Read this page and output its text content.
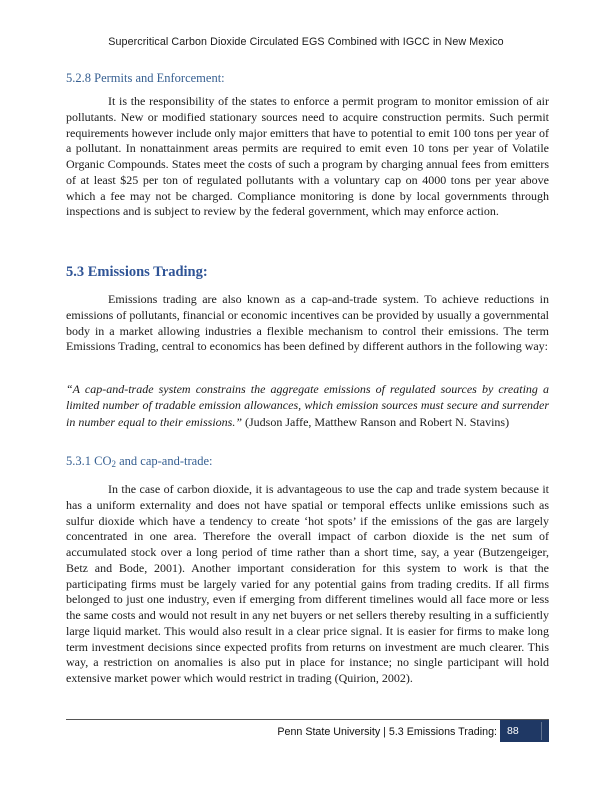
Supercritical Carbon Dioxide Circulated EGS Combined with IGCC in New Mexico
5.2.8 Permits and Enforcement:
It is the responsibility of the states to enforce a permit program to monitor emission of air pollutants. New or modified stationary sources need to acquire construction permits. Such permit requirements however include only major emitters that have to potential to emit 100 tons per year of a pollutant. In nonattainment areas permits are required to emit even 10 tons per year of Volatile Organic Compounds. States meet the costs of such a program by charging annual fees from emitters of at least $25 per ton of regulated pollutants with a voluntary cap on 4000 tons per year above which a fee may not be charged. Compliance monitoring is done by local governments through inspections and is subject to review by the federal government, which may enforce action.
5.3 Emissions Trading:
Emissions trading are also known as a cap-and-trade system. To achieve reductions in emissions of pollutants, financial or economic incentives can be provided by usually a governmental body in a market allowing industries a flexible mechanism to control their emissions. The term Emissions Trading, central to economics has been defined by different authors in the following way:
“A cap-and-trade system constrains the aggregate emissions of regulated sources by creating a limited number of tradable emission allowances, which emission sources must secure and surrender in number equal to their emissions.” (Judson Jaffe, Matthew Ranson and Robert N. Stavins)
5.3.1 $CO_2$ and cap-and-trade:
In the case of carbon dioxide, it is advantageous to use the cap and trade system because it has a uniform externality and does not have spatial or temporal effects unlike emissions such as sulfur dioxide which have a tendency to create ‘hot spots’ if the emissions of the gas are largely concentrated in one area. Therefore the overall impact of carbon dioxide is the net sum of accumulated stock over a long period of time rather than a short time, say, a year (Butzengeiger, Betz and Bode, 2001). Another important consideration for this system to work is that the participating firms must be largely varied for any potential gains from trading credits. If all firms belonged to just one industry, even if emerging from different timelines would all face more or less the same costs and would not result in any net buyers or net sellers thereby resulting in a sufficiently large liquid market. This would also result in a clear price signal. It is easier for firms to make long term investment decisions since expected profits from returns on investment are much clearer. This way, a restriction on anomalies is also put in place for instance; no single participant will hold extensive market power which would restrict in trading (Quirion, 2002).
Penn State University | 5.3 Emissions Trading: 88
